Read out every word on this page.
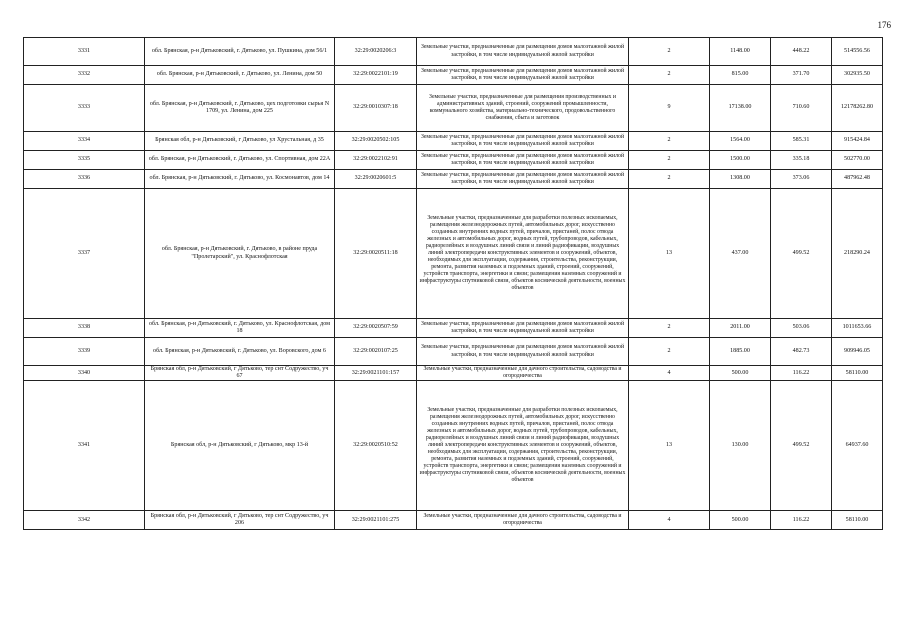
176
3331	обл. Брянская, р-н Дятьковский, г. Дятьково, ул. Пушкина, дом 56/1	32:29:0020206:3	Земельные участки, предназначенные для размещения домов малоэтажной жилой застройки, в том числе индивидуальной жилой застройки	2	1148.00	448.22	514556.56
3332	обл. Брянская, р-н Дятьковский, г. Дятьково, ул. Ленина, дом 50	32:29:0022101:19	Земельные участки, предназначенные для размещения домов малоэтажной жилой застройки, в том числе индивидуальной жилой застройки	2	815.00	371.70	302935.50
3333	обл. Брянская, р-н Дятьковский, г. Дятьково, цех подготовки сырья N 1709, ул. Ленина, дом 225	32:29:0010307:18	Земельные участки, предназначенные для размещения производственных и административных зданий, строений, сооружений промышленности, коммунального хозяйства, материально-технического, продовольственного снабжения, сбыта и заготовок	9	17138.00	710.60	12178262.80
3334	Брянская обл, р-н Дятьковский, г Дятьково, ул Хрустальная, д 35	32:29:0020502:105	Земельные участки, предназначенные для размещения домов малоэтажной жилой застройки, в том числе индивидуальной жилой застройки	2	1564.00	585.31	915424.84
3335	обл. Брянская, р-н Дятьковский, г. Дятьково, ул. Спортивная, дом 22А	32:29:0022102:91	Земельные участки, предназначенные для размещения домов малоэтажной жилой застройки, в том числе индивидуальной жилой застройки	2	1500.00	335.18	502770.00
3336	обл. Брянская, р-н Дятьковский, г. Дятьково, ул. Космонавтов, дом 14	32:29:0020601:5	Земельные участки, предназначенные для размещения домов малоэтажной жилой застройки, в том числе индивидуальной жилой застройки	2	1308.00	373.06	487962.48
3337	обл. Брянская, р-н Дятьковский, г. Дятьково, в районе пруда "Пролетарский", ул. Краснофлотская	32:29:0020511:18	Земельные участки, предназначенные для разработки полезных ископаемых, размещения железнодорожных путей, автомобильных дорог, искусственно созданных внутренних водных путей, причалов, пристаней, полос отвода железных и автомобильных дорог, водных путей, трубопроводов, кабельных, радиорелейных и воздушных линий связи и линий радиофикации, воздушных линий электропередачи конструктивных элементов и сооружений, объектов, необходимых для эксплуатации, содержания, строительства, реконструкции, ремонта, развития наземных и подземных зданий, строений, сооружений, устройств транспорта, энергетики и связи; размещения наземных сооружений и инфраструктуры спутниковой связи, объектов космической деятельности, военных объектов	13	437.00	499.52	218290.24
3338	обл. Брянская, р-н Дятьковский, г. Дятьково, ул. Краснофлотская, дом 18	32:29:0020507:59	Земельные участки, предназначенные для размещения домов малоэтажной жилой застройки, в том числе индивидуальной жилой застройки	2	2011.00	503.06	1011653.66
3339	обл. Брянская, р-н Дятьковский, г. Дятьково, ул. Воровского, дом 6	32:29:0020107:25	Земельные участки, предназначенные для размещения домов малоэтажной жилой застройки, в том числе индивидуальной жилой застройки	2	1885.00	482.73	909946.05
3340	Брянская обл, р-н Дятьковский, г Дятьково, тер снт Содружество, уч 67	32:29:0021101:157	Земельные участки, предназначенные для дачного строительства, садоводства и огородничества	4	500.00	116.22	58110.00
3341	Брянская обл, р-н Дятьковский, г Дятьково, мкр 13-й	32:29:0020510:52	Земельные участки, предназначенные для разработки полезных ископаемых, размещения железнодорожных путей, автомобильных дорог, искусственно созданных внутренних водных путей, причалов, пристаней, полос отвода железных и автомобильных дорог, водных путей, трубопроводов, кабельных, радиорелейных и воздушных линий связи и линий радиофикации, воздушных линий электропередачи конструктивных элементов и сооружений, объектов, необходимых для эксплуатации, содержания, строительства, реконструкции, ремонта, развития наземных и подземных зданий, строений, сооружений, устройств транспорта, энергетики и связи; размещения наземных сооружений и инфраструктуры спутниковой связи, объектов космической деятельности, военных объектов	13	130.00	499.52	64937.60
3342	Брянская обл, р-н Дятьковский, г Дятьково, тер снт Содружество, уч 206	32:29:0021101:275	Земельные участки, предназначенные для дачного строительства, садоводства и огородничества	4	500.00	116.22	58110.00
